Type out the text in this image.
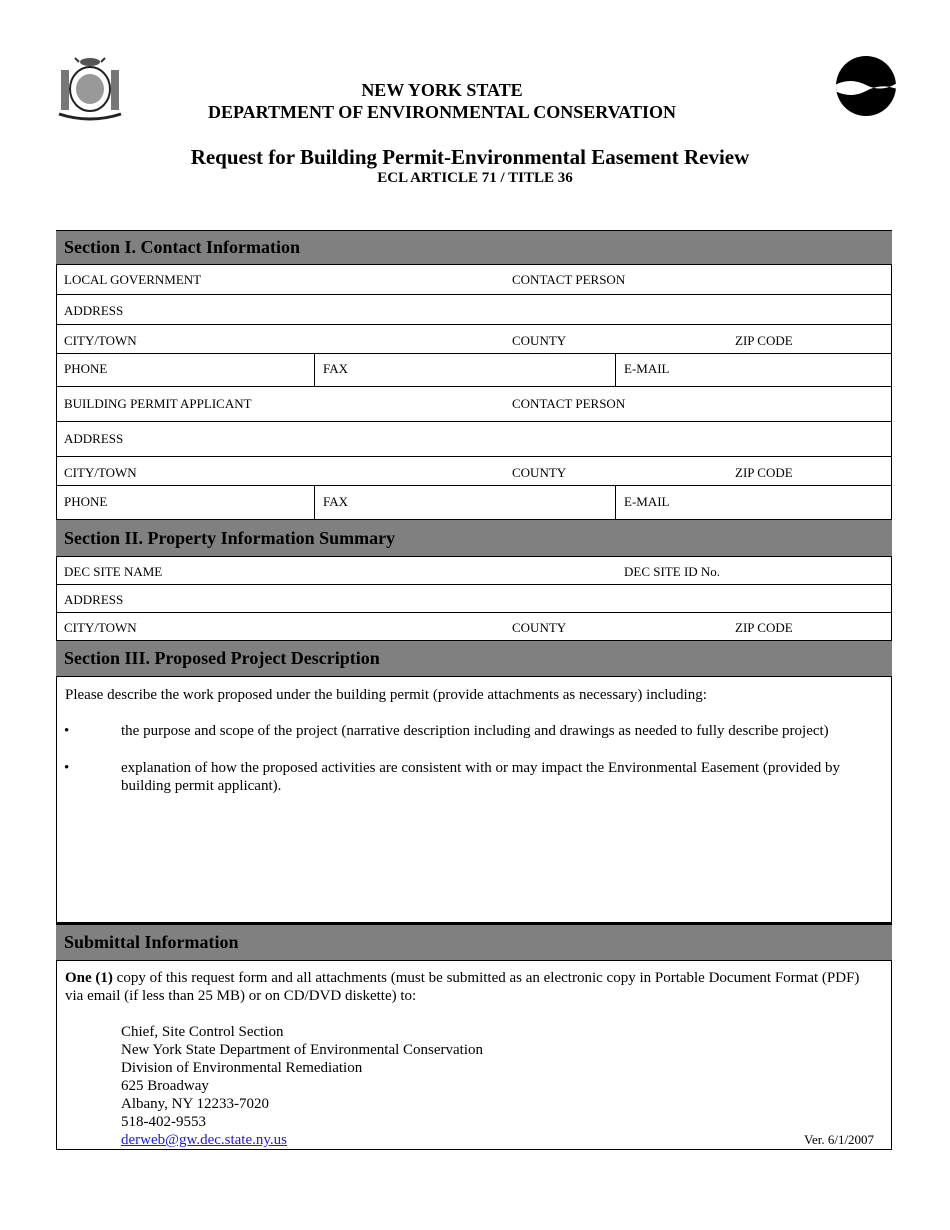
NEW YORK STATE
DEPARTMENT OF ENVIRONMENTAL CONSERVATION
Request for Building Permit-Environmental Easement Review
ECL ARTICLE 71 / TITLE 36
Section I. Contact Information
LOCAL GOVERNMENT	CONTACT PERSON
ADDRESS
CITY/TOWN	COUNTY	ZIP CODE
PHONE	FAX	E-MAIL
BUILDING PERMIT APPLICANT	CONTACT PERSON
ADDRESS
CITY/TOWN	COUNTY	ZIP CODE
PHONE	FAX	E-MAIL
Section II. Property Information Summary
DEC SITE NAME	DEC SITE ID No.
ADDRESS
CITY/TOWN	COUNTY	ZIP CODE
Section III. Proposed Project Description
Please describe the work proposed under the building permit (provide attachments as necessary) including:
•	the purpose and scope of the project (narrative description including and drawings as needed to fully describe project)
•	explanation of how the proposed activities are consistent with or may impact the Environmental Easement (provided by building permit applicant).
Submittal Information
One (1) copy of this request form and all attachments (must be submitted as an electronic copy in Portable Document Format (PDF) via email (if less than 25 MB) or on CD/DVD diskette) to:
Chief, Site Control Section
New York State Department of Environmental Conservation
Division of Environmental Remediation
625 Broadway
Albany, NY 12233-7020
518-402-9553
derweb@gw.dec.state.ny.us	Ver. 6/1/2007
